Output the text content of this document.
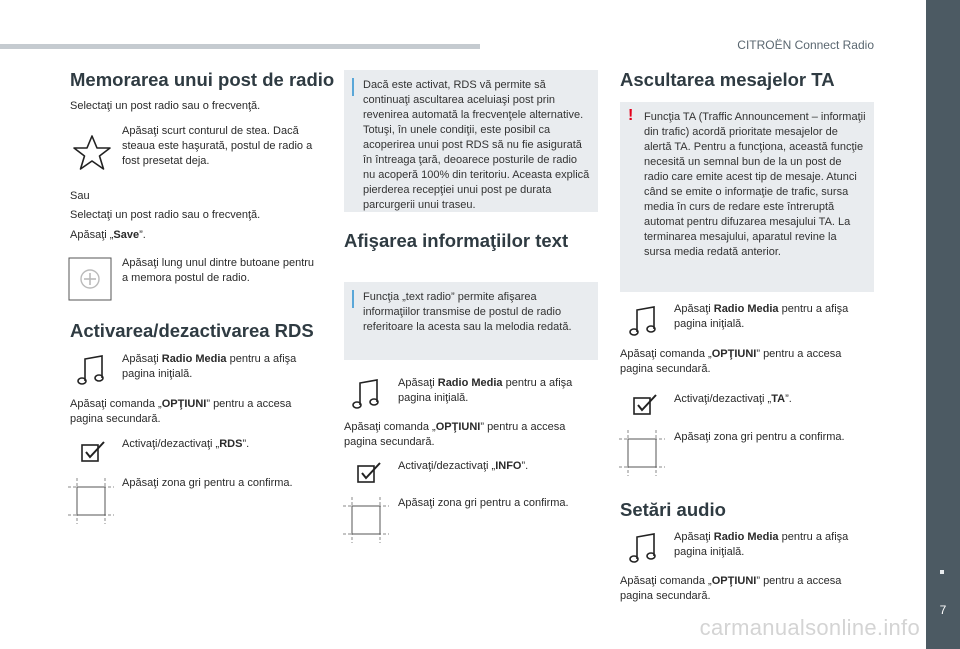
CITROËN Connect Radio
7
carmanualsonline.info
Memorarea unui post de radio

Selectaţi un post radio sau o frecvenţă.

Apăsaţi scurt conturul de stea. Dacă steaua este haşurată, postul de radio a fost presetat deja.

Sau

Selectaţi un post radio sau o frecvenţă.

Apăsaţi „Save”.

Apăsaţi lung unul dintre butoane pentru a memora postul de radio.

Activarea/dezactivarea RDS

Apăsaţi Radio Media pentru a afişa pagina iniţială.

Apăsaţi comanda „OPŢIUNI” pentru a accesa pagina secundară.

Activaţi/dezactivaţi „RDS”.

Apăsaţi zona gri pentru a confirma.

Dacă este activat, RDS vă permite să continuaţi ascultarea aceluiaşi post prin revenirea automată la frecvenţele alternative. Totuşi, în unele condiţii, este posibil ca acoperirea unui post RDS să nu fie asigurată în întreaga ţară, deoarece posturile de radio nu acoperă 100% din teritoriu. Aceasta explică pierderea recepţiei unui post pe durata parcurgerii unui traseu.
Afişarea informaţiilor text
Funcţia „text radio” permite afişarea informaţiilor transmise de postul de radio referitoare la acesta sau la melodia redată.

Apăsaţi Radio Media pentru a afişa pagina iniţială.

Apăsaţi comanda „OPŢIUNI” pentru a accesa pagina secundară.

Activaţi/dezactivaţi „INFO”.

Apăsaţi zona gri pentru a confirma.

Ascultarea mesajelor TA
! Funcţia TA (Traffic Announcement – informaţii din trafic) acordă prioritate mesajelor de alertă TA. Pentru a funcţiona, această funcţie necesită un semnal bun de la un post de radio care emite acest tip de mesaje. Atunci când se emite o informaţie de trafic, sursa media în curs de redare este întreruptă automat pentru difuzarea mesajului TA. La terminarea mesajului, aparatul revine la sursa media redată anterior.

Apăsaţi Radio Media pentru a afişa pagina iniţială.

Apăsaţi comanda „OPŢIUNI” pentru a accesa pagina secundară.

Activaţi/dezactivaţi „TA”.

Apăsaţi zona gri pentru a confirma.

Setări audio

Apăsaţi Radio Media pentru a afişa pagina iniţială.

Apăsaţi comanda „OPŢIUNI” pentru a accesa pagina secundară.
